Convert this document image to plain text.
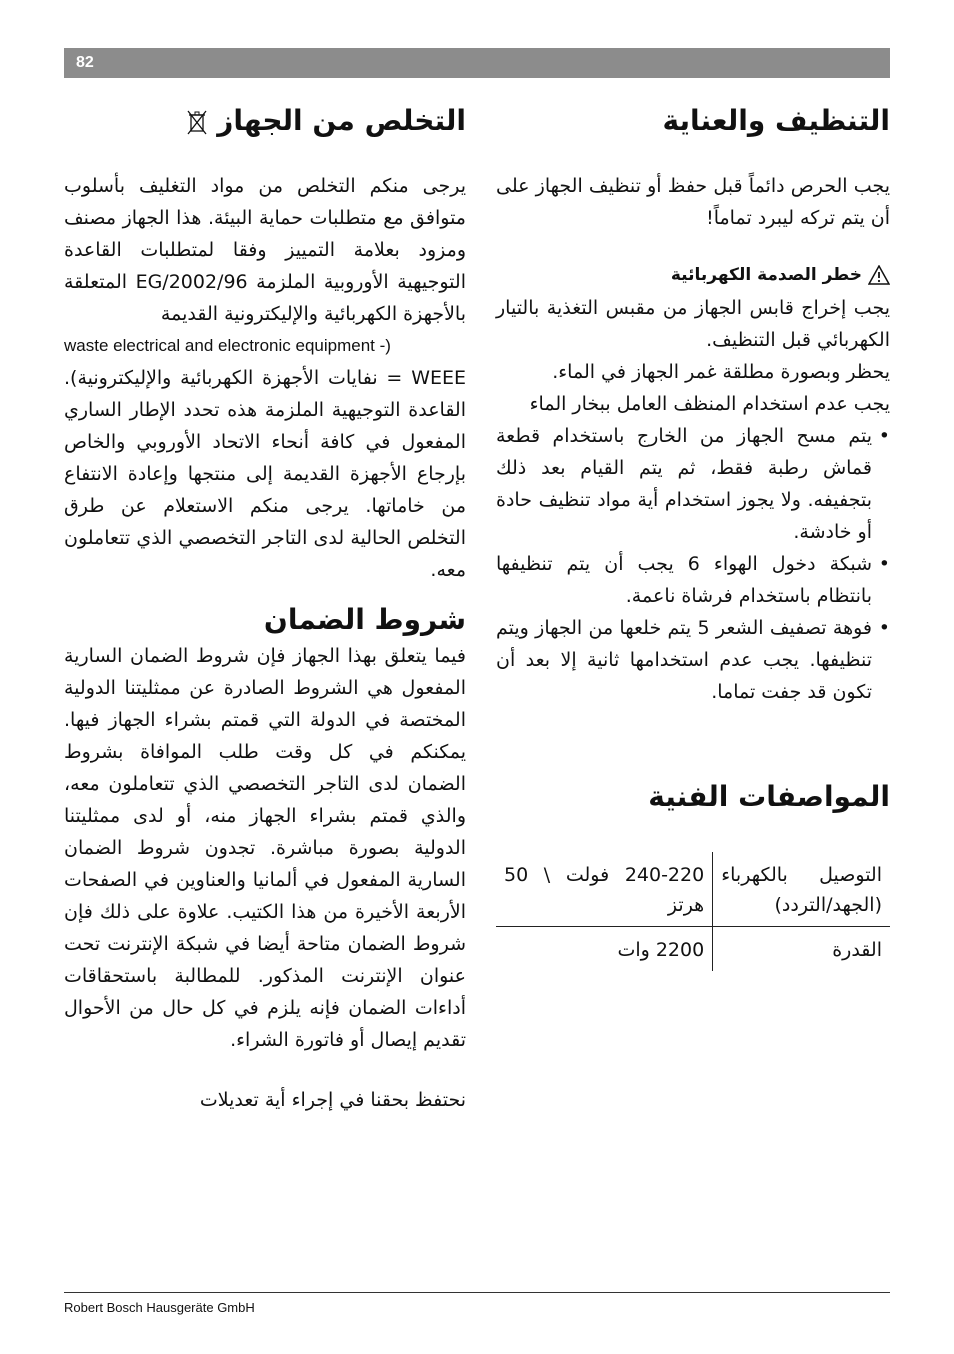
82
التنظيف والعناية

يجب الحرص دائماً قبل حفظ أو تنظيف الجهاز على أن يتم تركه ليبرد تماماً!

خطر الصدمة الكهربائية

يجب إخراج قابس الجهاز من مقبس التغذية بالتيار الكهربائي قبل التنظيف.

يحظر وبصورة مطلقة غمر الجهاز في الماء.

يجب عدم استخدام المنظف العامل ببخار الماء

•
يتم مسح الجهاز من الخارج باستخدام قطعة قماش رطبة فقط، ثم يتم القيام بعد ذلك بتجفيفه. ولا يجوز استخدام أية مواد تنظيف حادة أو خادشة.
•
شبكة دخول الهواء 6 يجب أن يتم تنظيفها بانتظام باستخدام فرشاة ناعمة.
•
فوهة تصفيف الشعر 5 يتم خلعها من الجهاز ويتم تنظيفها. يجب عدم استخدامها ثانية إلا بعد أن تكون قد جفت تماما.
المواصفات الفنية
التوصيل بالكهرباء (الجهد/التردد)	240-220 فولت \ 50 هرتز
القدرة	2200 وات
التخلص من الجهاز

يرجى منكم التخلص من مواد التغليف بأسلوب متوافق مع متطلبات حماية البيئة. هذا الجهاز مصنف ومزود بعلامة التمييز وفقا لمتطلبات القاعدة التوجيهية الأوروبية الملزمة 2002/96/EG المتعلقة بالأجهزة الكهربائية والإليكترونية القديمة

waste electrical and electronic equipment -)

WEEE = نفايات الأجهزة الكهربائية والإليكترونية). القاعدة التوجيهية الملزمة هذه تحدد الإطار الساري المفعول في كافة أنحاء الاتحاد الأوروبي والخاص بإرجاع الأجهزة القديمة إلى منتجها وإعادة الانتفاع من خاماتها. يرجى منكم الاستعلام عن طرق التخلص الحالية لدى التاجر التخصصي الذي تتعاملون معه.

شروط الضمان

فيما يتعلق بهذا الجهاز فإن شروط الضمان السارية المفعول هي الشروط الصادرة عن ممثليتنا الدولية المختصة في الدولة التي قمتم بشراء الجهاز فيها. يمكنكم في كل وقت طلب الموافاة بشروط الضمان لدى التاجر التخصصي الذي تتعاملون معه، والذي قمتم بشراء الجهاز منه، أو لدى ممثليتنا الدولية بصورة مباشرة. تجدون شروط الضمان السارية المفعول في ألمانيا والعناوين في الصفحات الأربعة الأخيرة من هذا الكتيب. علاوة على ذلك فإن شروط الضمان متاحة أيضا في شبكة الإنترنت تحت عنوان الإنترنت المذكور. للمطالبة باستحقاقات أداءات الضمان فإنه يلزم في كل حال من الأحوال تقديم إيصال أو فاتورة الشراء.

نحتفظ بحقنا في إجراء أية تعديلات

Robert Bosch Hausgeräte GmbH
